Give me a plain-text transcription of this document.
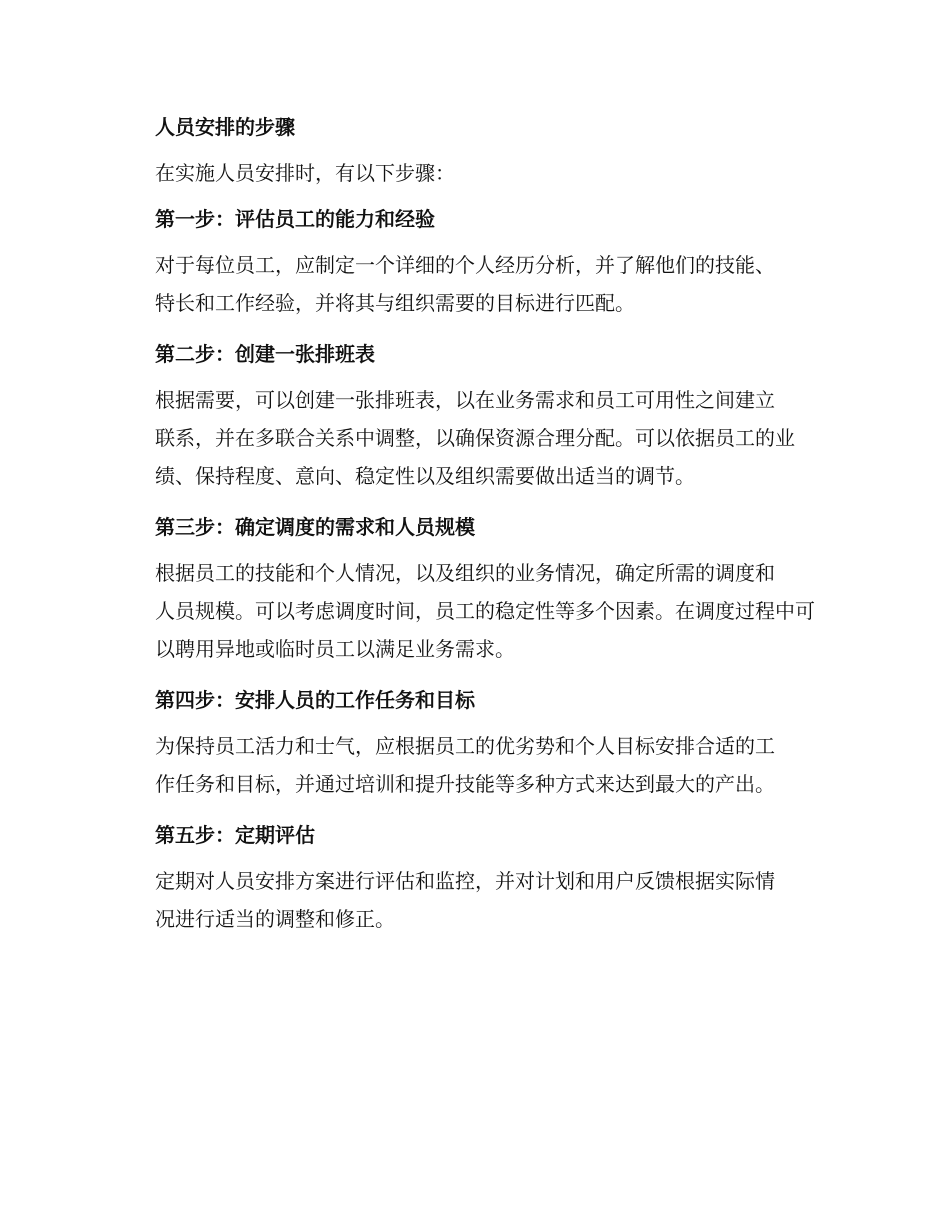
人员安排的步骤
在实施人员安排时，有以下步骤：
第一步：评估员工的能力和经验
对于每位员工，应制定一个详细的个人经历分析，并了解他们的技能、
特长和工作经验，并将其与组织需要的目标进行匹配。
第二步：创建一张排班表
根据需要，可以创建一张排班表，以在业务需求和员工可用性之间建立
联系，并在多联合关系中调整，以确保资源合理分配。可以依据员工的业
绩、保持程度、意向、稳定性以及组织需要做出适当的调节。
第三步：确定调度的需求和人员规模
根据员工的技能和个人情况，以及组织的业务情况，确定所需的调度和
人员规模。可以考虑调度时间，员工的稳定性等多个因素。在调度过程中可
以聘用异地或临时员工以满足业务需求。
第四步：安排人员的工作任务和目标
为保持员工活力和士气，应根据员工的优劣势和个人目标安排合适的工
作任务和目标，并通过培训和提升技能等多种方式来达到最大的产出。
第五步：定期评估
定期对人员安排方案进行评估和监控，并对计划和用户反馈根据实际情
况进行适当的调整和修正。
